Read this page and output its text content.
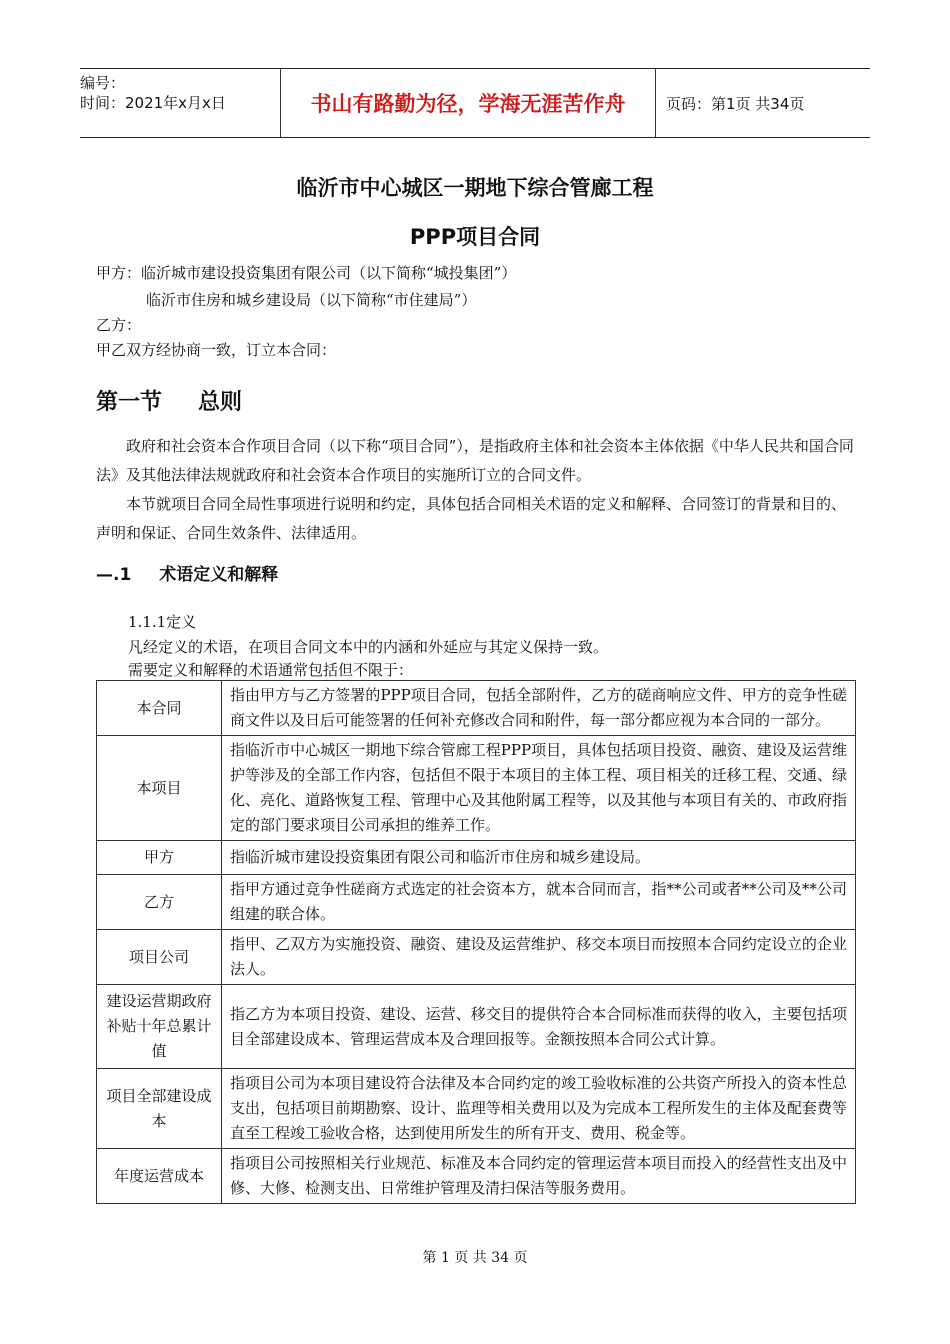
编号：
时间：2021年x月x日	书山有路勤为径，学海无涯苦作舟	页码：第1页 共34页
临沂市中心城区一期地下综合管廊工程
PPP项目合同
甲方：临沂城市建设投资集团有限公司（以下简称“城投集团”）
临沂市住房和城乡建设局（以下简称“市住建局”）
乙方：
甲乙双方经协商一致，订立本合同：
第一节 总则

政府和社会资本合作项目合同（以下称“项目合同”），是指政府主体和社会资本主体依据《中华人民共和国合同法》及其他法律法规就政府和社会资本合作项目的实施所订立的合同文件。

本节就项目合同全局性事项进行说明和约定，具体包括合同相关术语的定义和解释、合同签订的背景和目的、声明和保证、合同生效条件、法律适用。

—.1 术语定义和解释
1.1.1定义
凡经定义的术语，在项目合同文本中的内涵和外延应与其定义保持一致。
需要定义和解释的术语通常包括但不限于：
本合同	指由甲方与乙方签署的PPP项目合同，包括全部附件，乙方的磋商响应文件、甲方的竞争性磋商文件以及日后可能签署的任何补充修改合同和附件，每一部分都应视为本合同的一部分。
本项目	指临沂市中心城区一期地下综合管廊工程PPP项目，具体包括项目投资、融资、建设及运营维护等涉及的全部工作内容，包括但不限于本项目的主体工程、项目相关的迁移工程、交通、绿化、亮化、道路恢复工程、管理中心及其他附属工程等，以及其他与本项目有关的、市政府指定的部门要求项目公司承担的维养工作。
甲方	指临沂城市建设投资集团有限公司和临沂市住房和城乡建设局。
乙方	指甲方通过竞争性磋商方式选定的社会资本方，就本合同而言，指**公司或者**公司及**公司组建的联合体。
项目公司	指甲、乙双方为实施投资、融资、建设及运营维护、移交本项目而按照本合同约定设立的企业法人。
建设运营期政府补贴十年总累计值	指乙方为本项目投资、建设、运营、移交目的提供符合本合同标准而获得的收入，主要包括项目全部建设成本、管理运营成本及合理回报等。金额按照本合同公式计算。
项目全部建设成本	指项目公司为本项目建设符合法律及本合同约定的竣工验收标准的公共资产所投入的资本性总支出，包括项目前期勘察、设计、监理等相关费用以及为完成本工程所发生的主体及配套费等直至工程竣工验收合格，达到使用所发生的所有开支、费用、税金等。
年度运营成本	指项目公司按照相关行业规范、标准及本合同约定的管理运营本项目而投入的经营性支出及中修、大修、检测支出、日常维护管理及清扫保洁等服务费用。
第 1 页 共 34 页
